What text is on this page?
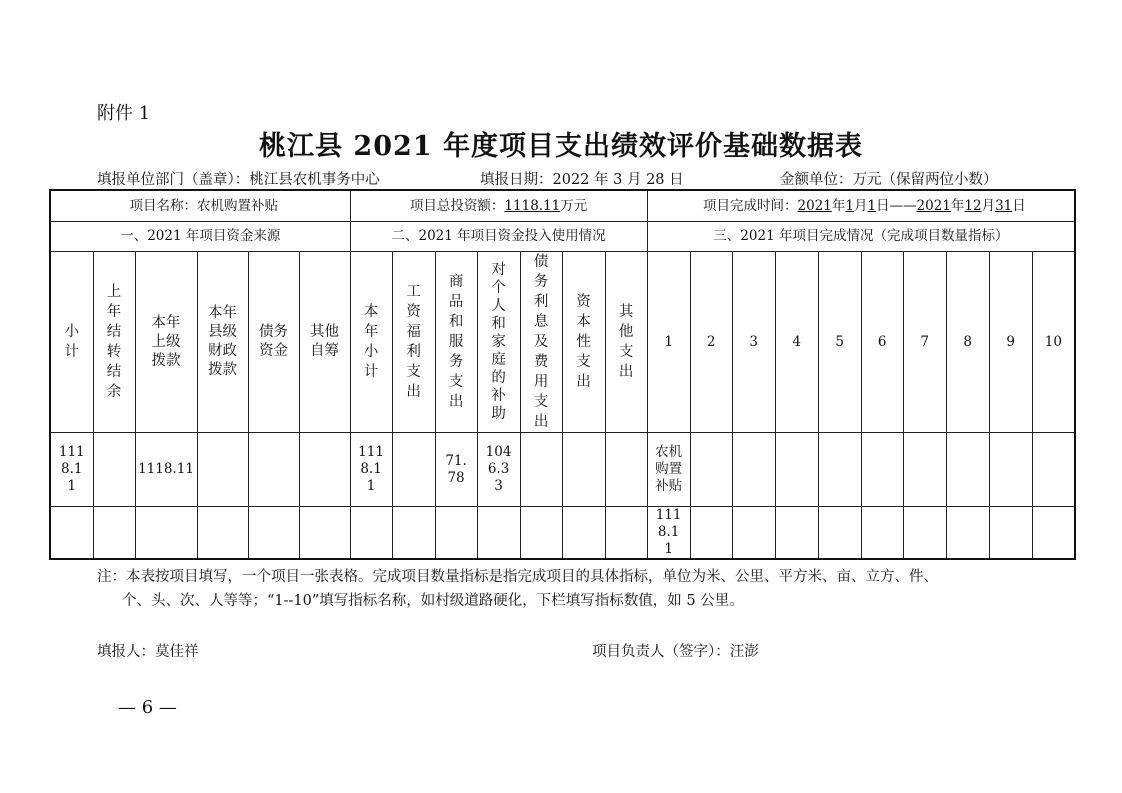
附件 1
桃江县 2021 年度项目支出绩效评价基础数据表
填报单位部门（盖章）：桃江县农机事务中心	填报日期：2022 年 3 月 28 日	金额单位：万元（保留两位小数）
项目名称：农机购置补贴						项目总投资额：1118.11万元							项目完成时间：2021年1月1日——2021年12月31日									
一、2021 年项目资金来源						二、2021 年项目资金投入使用情况							三、2021 年项目完成情况（完成项目数量指标）									
小计	上年结转结余	本年上级拨款	本年县级财政拨款	债务资金	其他自筹	本年小计	工资福利支出	商品和服务支出	对个人和家庭的补助	债务利息及费用支出	资本性支出	其他支出	1	2	3	4	5	6	7	8	9	10
1118.11		1118.11				1118.11		71.78	1046.33				农机购置补贴									
													1118.11									
注：本表按项目填写，一个项目一张表格。完成项目数量指标是指完成项目的具体指标，单位为米、公里、平方米、亩、立方、件、
个、头、次、人等等；“1--10”填写指标名称，如村级道路硬化，下栏填写指标数值，如 5 公里。
填报人：莫佳祥	项目负责人（签字）：汪澎
— 6 —
